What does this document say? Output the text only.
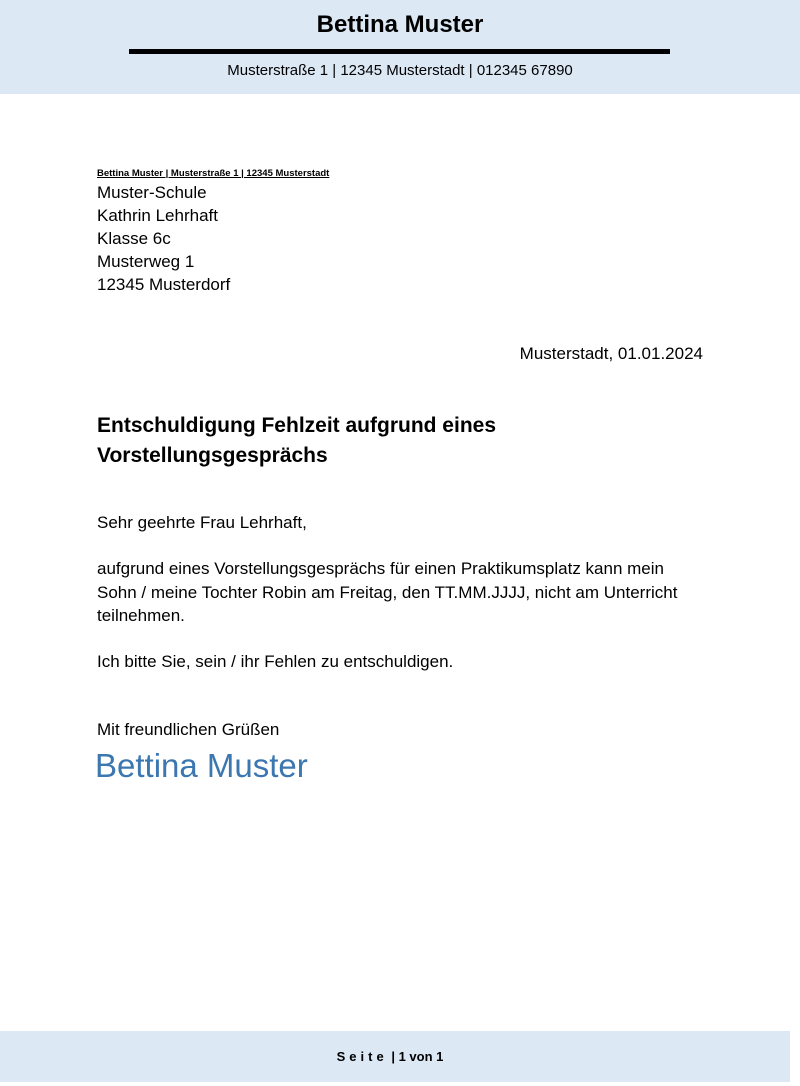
Bettina Muster
Musterstraße 1 | 12345 Musterstadt | 012345 67890
Bettina Muster | Musterstraße 1 | 12345 Musterstadt
Muster-Schule
Kathrin Lehrhaft
Klasse 6c
Musterweg 1
12345 Musterdorf
Musterstadt, 01.01.2024
Entschuldigung Fehlzeit aufgrund eines Vorstellungsgesprächs
Sehr geehrte Frau Lehrhaft,
aufgrund eines Vorstellungsgesprächs für einen Praktikumsplatz kann mein Sohn / meine Tochter Robin am Freitag, den TT.MM.JJJJ, nicht am Unterricht teilnehmen.
Ich bitte Sie, sein / ihr Fehlen zu entschuldigen.
Mit freundlichen Grüßen
Bettina Muster
Seite | 1 von 1
